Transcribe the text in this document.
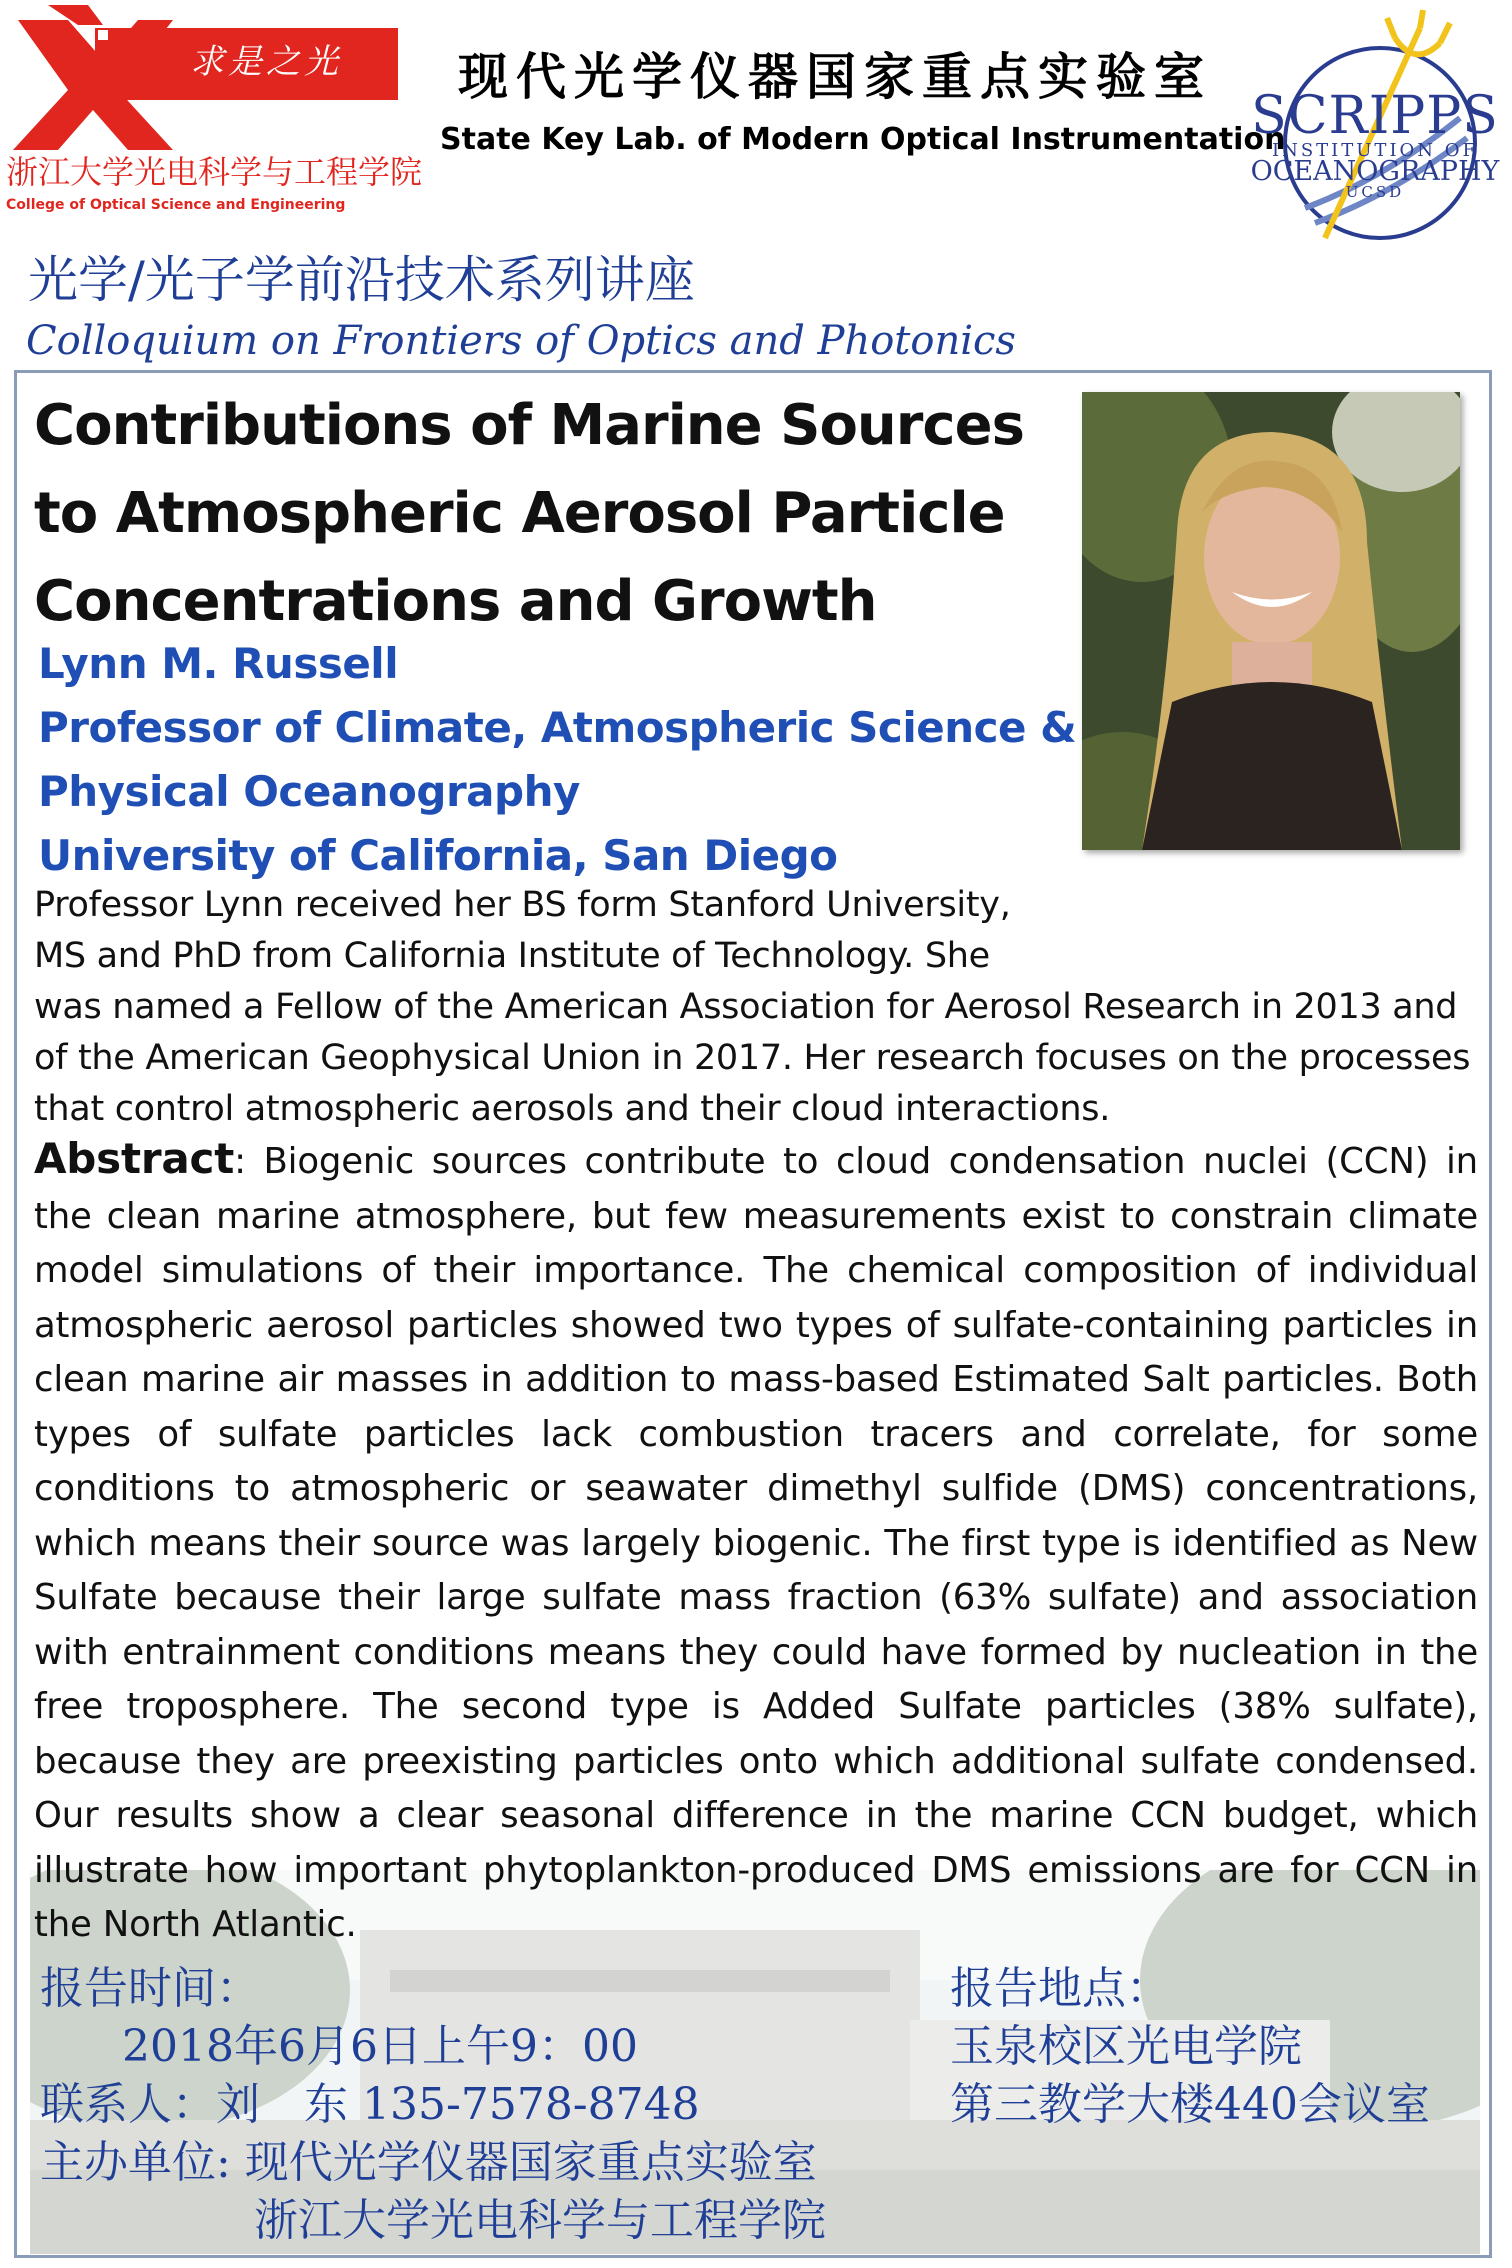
求是之光
浙江大学光电科学与工程学院
College of Optical Science and Engineering
现代光学仪器国家重点实验室
State Key Lab. of Modern Optical Instrumentation
SCRIPPS
INSTITUTION OF
OCEANOGRAPHY
UCSD
光学/光子学前沿技术系列讲座
Colloquium on Frontiers of Optics and Photonics
Contributions of Marine Sources
to Atmospheric Aerosol Particle
Concentrations and Growth
Lynn M. Russell
Professor of Climate, Atmospheric Science &
Physical Oceanography
University of California, San Diego
Professor Lynn received her BS form Stanford University,
MS and PhD from California Institute of Technology. She
was named a Fellow of the American Association for Aerosol Research in 2013 and
of the American Geophysical Union in 2017. Her research focuses on the processes
that control atmospheric aerosols and their cloud interactions.
Abstract: Biogenic sources contribute to cloud condensation nuclei (CCN) in the clean marine atmosphere, but few measurements exist to constrain climate model simulations of their importance. The chemical composition of individual atmospheric aerosol particles showed two types of sulfate-containing particles in clean marine air masses in addition to mass-based Estimated Salt particles. Both types of sulfate particles lack combustion tracers and correlate, for some conditions to atmospheric or seawater dimethyl sulfide (DMS) concentrations, which means their source was largely biogenic. The first type is identified as New Sulfate because their large sulfate mass fraction (63% sulfate) and association with entrainment conditions means they could have formed by nucleation in the free troposphere. The second type is Added Sulfate particles (38% sulfate), because they are preexisting particles onto which additional sulfate condensed. Our results show a clear seasonal difference in the marine CCN budget, which illustrate how important phytoplankton-produced DMS emissions are for CCN in the North Atlantic.
报告时间：
2018年6月6日上午9：00
联系人：刘　东 135-7578-8748
主办单位: 现代光学仪器国家重点实验室
浙江大学光电科学与工程学院
报告地点：
玉泉校区光电学院
第三教学大楼440会议室
